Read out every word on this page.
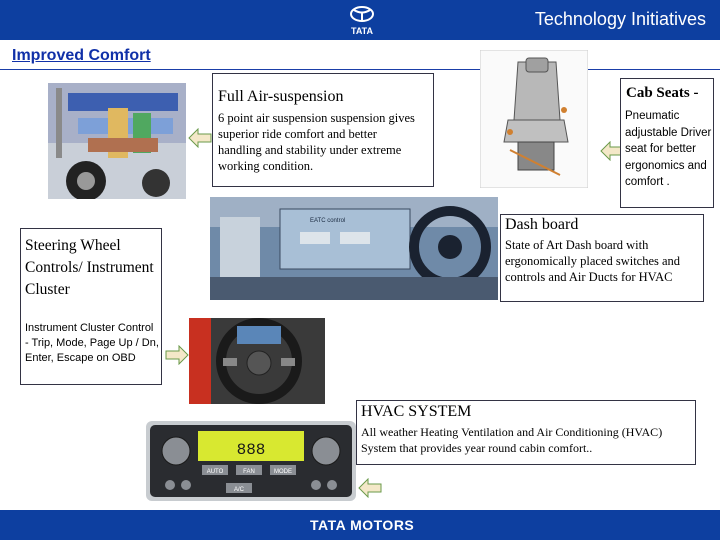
TATA
Technology Initiatives
Improved Comfort
Full Air-suspension
6 point air suspension suspension gives superior ride comfort and better handling and stability under extreme working condition.
Cab Seats -
Pneumatic adjustable Driver seat for better ergonomics and comfort .
EATC control	Dash board
State of Art Dash board with ergonomically placed switches and controls and Air Ducts for HVAC
Steering Wheel Controls/ Instrument Cluster
Instrument Cluster Control - Trip, Mode, Page Up / Dn, Enter, Escape on OBD
888
AUTO	FAN	MODE
A/C
HVAC SYSTEM
All weather Heating Ventilation and Air Conditioning (HVAC) System that provides year round cabin comfort..
TATA MOTORS
